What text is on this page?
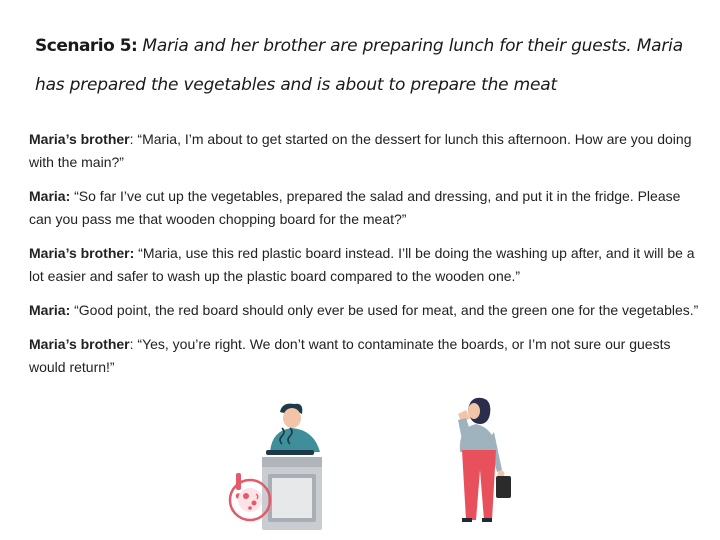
Scenario 5: Maria and her brother are preparing lunch for their guests. Maria has prepared the vegetables and is about to prepare the meat

Maria’s brother: “Maria, I’m about to get started on the dessert for lunch this afternoon. How are you doing with the main?”

Maria: “So far I’ve cut up the vegetables, prepared the salad and dressing, and put it in the fridge. Please can you pass me that wooden chopping board for the meat?”

Maria’s brother: “Maria, use this red plastic board instead. I’ll be doing the washing up after, and it will be a lot easier and safer to wash up the plastic board compared to the wooden one.”

Maria: “Good point, the red board should only ever be used for meat, and the green one for the vegetables.”

Maria’s brother: “Yes, you’re right. We don’t want to contaminate the boards, or I’m not sure our guests would return!”
